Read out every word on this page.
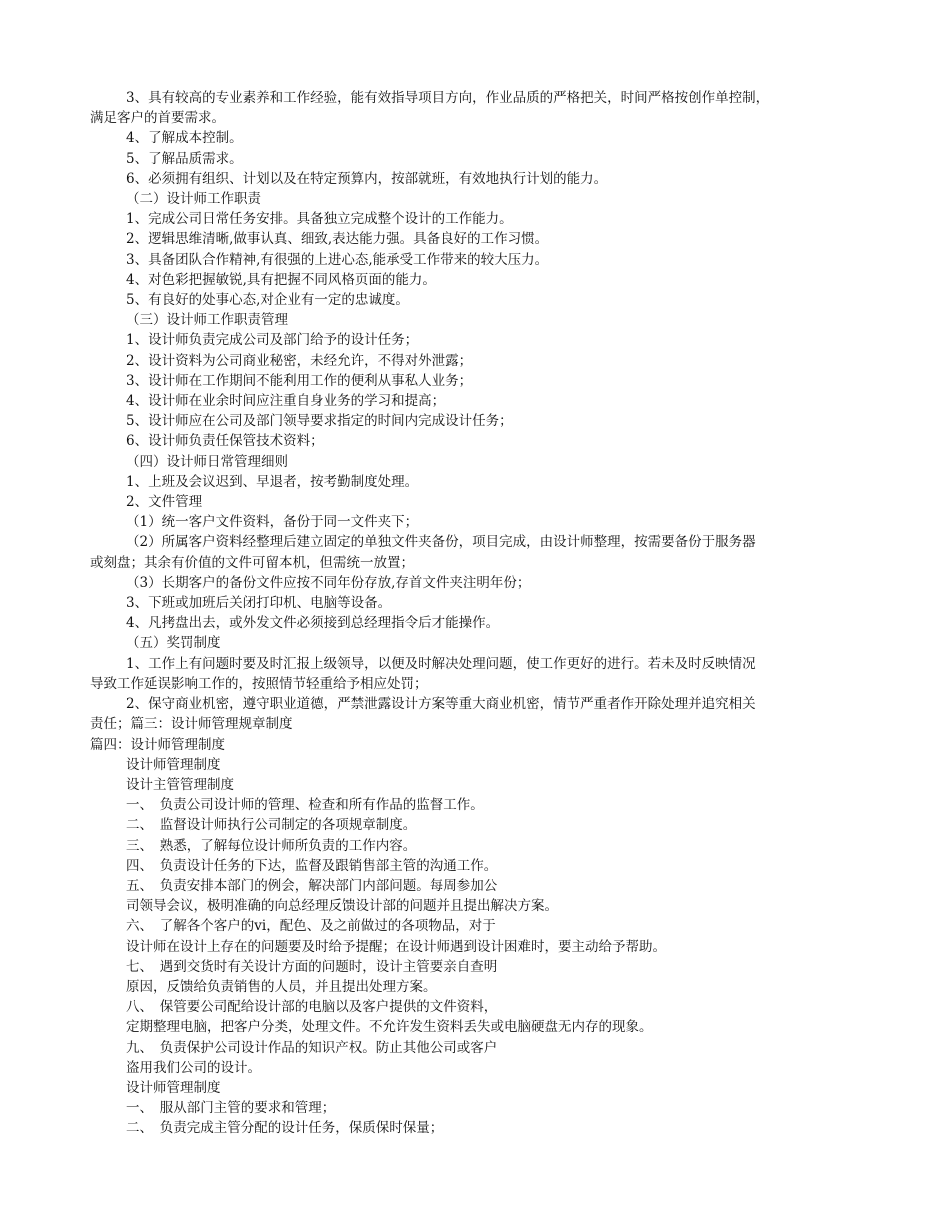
3、具有较高的专业素养和工作经验，能有效指导项目方向，作业品质的严格把关，时间严格按创作单控制，

满足客户的首要需求。

4、了解成本控制。

5、了解品质需求。

6、必须拥有组织、计划以及在特定预算内，按部就班，有效地执行计划的能力。

（二）设计师工作职责

1、完成公司日常任务安排。具备独立完成整个设计的工作能力。

2、逻辑思维清晰,做事认真、细致,表达能力强。具备良好的工作习惯。

3、具备团队合作精神,有很强的上进心态,能承受工作带来的较大压力。

4、对色彩把握敏锐,具有把握不同风格页面的能力。

5、有良好的处事心态,对企业有一定的忠诚度。

（三）设计师工作职责管理

1、设计师负责完成公司及部门给予的设计任务；

2、设计资料为公司商业秘密，未经允许，不得对外泄露；

3、设计师在工作期间不能利用工作的便利从事私人业务；

4、设计师在业余时间应注重自身业务的学习和提高；

5、设计师应在公司及部门领导要求指定的时间内完成设计任务；

6、设计师负责任保管技术资料；

（四）设计师日常管理细则

1、上班及会议迟到、早退者，按考勤制度处理。

2、文件管理

（1）统一客户文件资料，备份于同一文件夹下；

（2）所属客户资料经整理后建立固定的单独文件夹备份，项目完成，由设计师整理，按需要备份于服务器

或刻盘；其余有价值的文件可留本机，但需统一放置；

（3）长期客户的备份文件应按不同年份存放,存首文件夹注明年份；

3、下班或加班后关闭打印机、电脑等设备。

4、凡拷盘出去，或外发文件必须接到总经理指令后才能操作。

（五）奖罚制度

1、工作上有问题时要及时汇报上级领导，以便及时解决处理问题，使工作更好的进行。若未及时反映情况

导致工作延误影响工作的，按照情节轻重给予相应处罚；

2、保守商业机密，遵守职业道德，严禁泄露设计方案等重大商业机密，情节严重者作开除处理并追究相关

责任；篇三：设计师管理规章制度

篇四：设计师管理制度

设计师管理制度

设计主管管理制度

一、　负责公司设计师的管理、检查和所有作品的监督工作。

二、　监督设计师执行公司制定的各项规章制度。

三、　熟悉，了解每位设计师所负责的工作内容。

四、　负责设计任务的下达，监督及跟销售部主管的沟通工作。

五、　负责安排本部门的例会，解决部门内部问题。每周参加公

司领导会议，极明准确的向总经理反馈设计部的问题并且提出解决方案。

六、　了解各个客户的vi，配色、及之前做过的各项物品，对于

设计师在设计上存在的问题要及时给予提醒；在设计师遇到设计困难时，要主动给予帮助。

七、　遇到交货时有关设计方面的问题时，设计主管要亲自查明

原因，反馈给负责销售的人员，并且提出处理方案。

八、　保管要公司配给设计部的电脑以及客户提供的文件资料，

定期整理电脑，把客户分类，处理文件。不允许发生资料丢失或电脑硬盘无内存的现象。

九、　负责保护公司设计作品的知识产权。防止其他公司或客户

盗用我们公司的设计。

设计师管理制度

一、　服从部门主管的要求和管理；

二、　负责完成主管分配的设计任务，保质保时保量；
